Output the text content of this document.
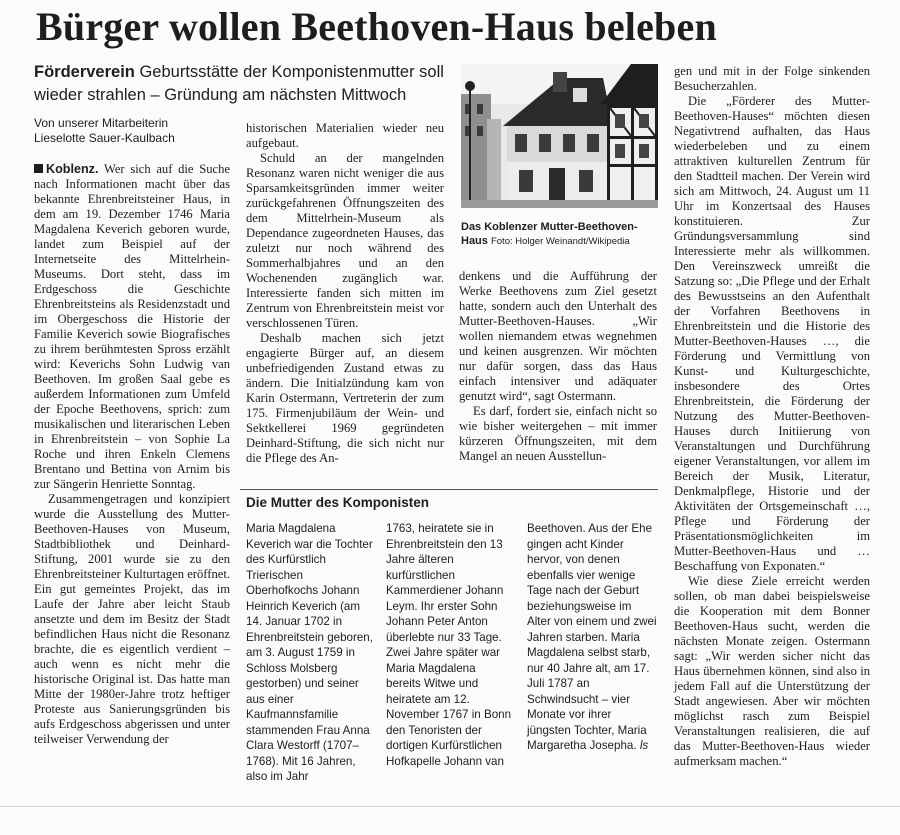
Bürger wollen Beethoven-Haus beleben
Förderverein Geburtsstätte der Komponistenmutter soll wieder strahlen – Gründung am nächsten Mittwoch
Von unserer Mitarbeiterin
Lieselotte Sauer-Kaulbach

Koblenz. Wer sich auf die Suche nach Informationen macht über das bekannte Ehrenbreitsteiner Haus, in dem am 19. Dezember 1746 Maria Magdalena Keverich geboren wurde, landet zum Beispiel auf der Internetseite des Mittelrhein-Museums. Dort steht, dass im Erdgeschoss die Geschichte Ehrenbreitsteins als Residenzstadt und im Obergeschoss die Historie der Familie Keverich sowie Biografisches zu ihrem berühmtesten Spross erzählt wird: Keverichs Sohn Ludwig van Beethoven. Im großen Saal gebe es außerdem Informationen zum Umfeld der Epoche Beethovens, sprich: zum musikalischen und literarischen Leben in Ehrenbreitstein – von Sophie La Roche und ihren Enkeln Clemens Brentano und Bettina von Arnim bis zur Sängerin Henriette Sonntag.

Zusammengetragen und konzipiert wurde die Ausstellung des Mutter-Beethoven-Hauses von Museum, Stadtbibliothek und Deinhard-Stiftung, 2001 wurde sie zu den Ehrenbreitsteiner Kulturtagen eröffnet. Ein gut gemeintes Projekt, das im Laufe der Jahre aber leicht Staub ansetzte und dem im Besitz der Stadt befindlichen Haus nicht die Resonanz brachte, die es eigentlich verdient – auch wenn es nicht mehr die historische Original ist. Das hatte man Mitte der 1980er-Jahre trotz heftiger Proteste aus Sanierungsgründen bis aufs Erdgeschoss abgerissen und unter teilweiser Verwendung der

historischen Materialien wieder neu aufgebaut.

Schuld an der mangelnden Resonanz waren nicht weniger die aus Sparsamkeitsgründen immer weiter zurückgefahrenen Öffnungszeiten des dem Mittelrhein-Museum als Dependance zugeordneten Hauses, das zuletzt nur noch während des Sommerhalbjahres und an den Wochenenden zugänglich war. Interessierte fanden sich mitten im Zentrum von Ehrenbreitstein meist vor verschlossenen Türen.

Deshalb machen sich jetzt engagierte Bürger auf, an diesem unbefriedigenden Zustand etwas zu ändern. Die Initialzündung kam von Karin Ostermann, Vertreterin der zum 175. Firmenjubiläum der Wein- und Sektkellerei 1969 gegründeten Deinhard-Stiftung, die sich nicht nur die Pflege des An-

Das Koblenzer Mutter-Beethoven-Haus Foto: Holger Weinandt/Wikipedia

denkens und die Aufführung der Werke Beethovens zum Ziel gesetzt hatte, sondern auch den Unterhalt des Mutter-Beethoven-Hauses. „Wir wollen niemandem etwas wegnehmen und keinen ausgrenzen. Wir möchten nur dafür sorgen, dass das Haus einfach intensiver und adäquater genutzt wird“, sagt Ostermann.

Es darf, fordert sie, einfach nicht so wie bisher weitergehen – mit immer kürzeren Öffnungszeiten, mit dem Mangel an neuen Ausstellun-

gen und mit in der Folge sinkenden Besucherzahlen.

Die „Förderer des Mutter-Beethoven-Hauses“ möchten diesen Negativtrend aufhalten, das Haus wiederbeleben und zu einem attraktiven kulturellen Zentrum für den Stadtteil machen. Der Verein wird sich am Mittwoch, 24. August um 11 Uhr im Konzertsaal des Hauses konstituieren. Zur Gründungsversammlung sind Interessierte mehr als willkommen. Den Vereinszweck umreißt die Satzung so: „Die Pflege und der Erhalt des Bewusstseins an den Aufenthalt der Vorfahren Beethovens in Ehrenbreitstein und die Historie des Mutter-Beethoven-Hauses …, die Förderung und Vermittlung von Kunst- und Kulturgeschichte, insbesondere des Ortes Ehrenbreitstein, die Förderung der Nutzung des Mutter-Beethoven-Hauses durch Initiierung von Veranstaltungen und Durchführung eigener Veranstaltungen, vor allem im Bereich der Musik, Literatur, Denkmalpflege, Historie und der Aktivitäten der Ortsgemeinschaft …, Pflege und Förderung der Präsentationsmöglichkeiten im Mutter-Beethoven-Haus und … Beschaffung von Exponaten.“

Wie diese Ziele erreicht werden sollen, ob man dabei beispielsweise die Kooperation mit dem Bonner Beethoven-Haus sucht, werden die nächsten Monate zeigen. Ostermann sagt: „Wir werden sicher nicht das Haus übernehmen können, sind also in jedem Fall auf die Unterstützung der Stadt angewiesen. Aber wir möchten möglichst rasch zum Beispiel Veranstaltungen realisieren, die auf das Mutter-Beethoven-Haus wieder aufmerksam machen.“

Die Mutter des Komponisten

Maria Magdalena Keverich war die Tochter des Kurfürstlich Trierischen Oberhofkochs Johann Heinrich Keverich (am 14. Januar 1702 in Ehrenbreitstein geboren, am 3. August 1759 in Schloss Molsberg gestorben) und seiner aus einer Kaufmannsfamilie stammenden Frau Anna Clara Westorff (1707–1768). Mit 16 Jahren, also im Jahr

1763, heiratete sie in Ehrenbreitstein den 13 Jahre älteren kurfürstlichen Kammerdiener Johann Leym. Ihr erster Sohn Johann Peter Anton überlebte nur 33 Tage. Zwei Jahre später war Maria Magdalena bereits Witwe und heiratete am 12. November 1767 in Bonn den Tenoristen der dortigen Kurfürstlichen Hofkapelle Johann van

Beethoven. Aus der Ehe gingen acht Kinder hervor, von denen ebenfalls vier wenige Tage nach der Geburt beziehungsweise im Alter von einem und zwei Jahren starben. Maria Magdalena selbst starb, nur 40 Jahre alt, am 17. Juli 1787 an Schwindsucht – vier Monate vor ihrer jüngsten Tochter, Maria Margaretha Josepha. ls
